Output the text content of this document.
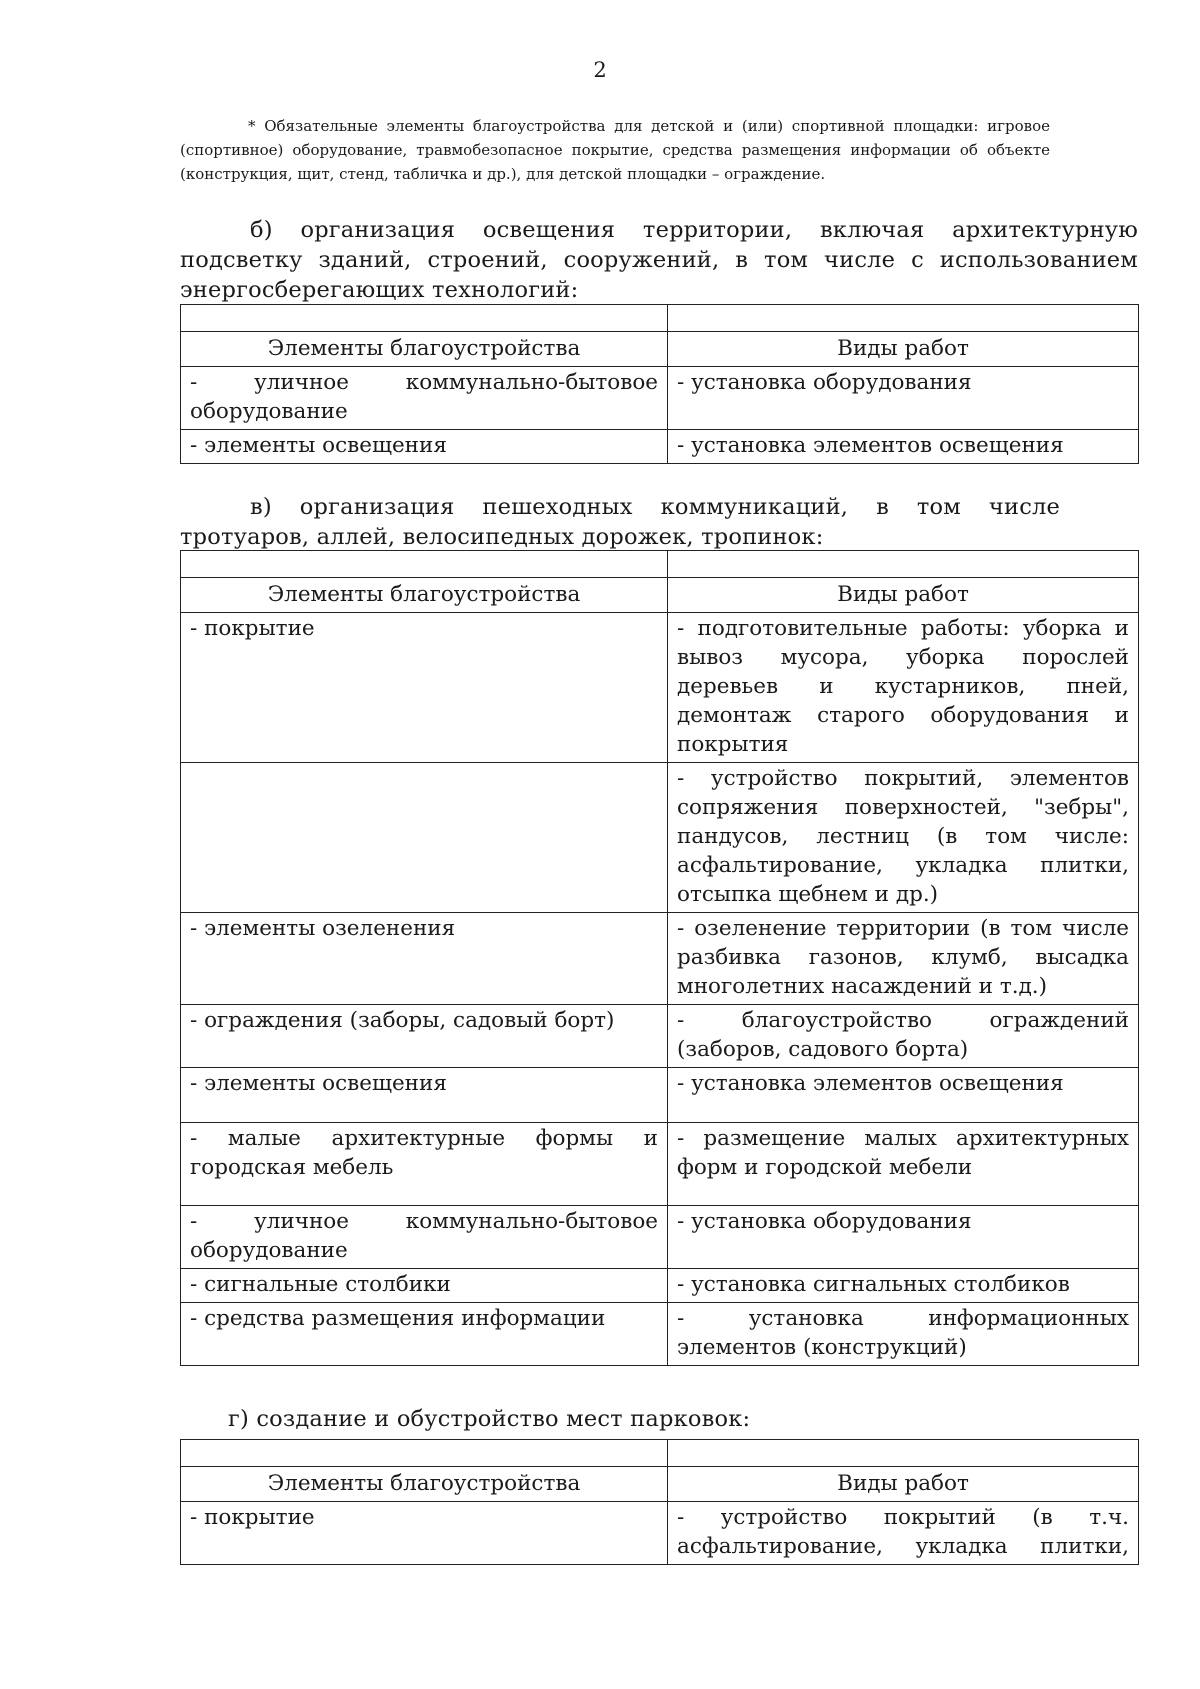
2
* Обязательные элементы благоустройства для детской и (или) спортивной площадки: игровое (спортивное) оборудование, травмобезопасное покрытие, средства размещения информации об объекте (конструкция, щит, стенд, табличка и др.), для детской площадки – ограждение.
б) организация освещения территории, включая архитектурную подсветку зданий, строений, сооружений, в том числе с использованием энергосберегающих технологий:

Элементы благоустройства	Виды работ
- уличное коммунально-бытовое оборудование	- установка оборудования
- элементы освещения	- установка элементов освещения
в) организация пешеходных коммуникаций, в том числе тротуаров, аллей, велосипедных дорожек, тропинок:

Элементы благоустройства	Виды работ
- покрытие	- подготовительные работы: уборка и вывоз мусора, уборка порослей деревьев и кустарников, пней, демонтаж старого оборудования и покрытия
	- устройство покрытий, элементов сопряжения поверхностей, "зебры", пандусов, лестниц (в том числе: асфальтирование, укладка плитки, отсыпка щебнем и др.)
- элементы озеленения	- озеленение территории (в том числе разбивка газонов, клумб, высадка многолетних насаждений и т.д.)
- ограждения (заборы, садовый борт)	- благоустройство ограждений (заборов, садового борта)
- элементы освещения	- установка элементов освещения
- малые архитектурные формы и городская мебель	- размещение малых архитектурных форм и городской мебели
- уличное коммунально-бытовое оборудование	- установка оборудования
- сигнальные столбики	- установка сигнальных столбиков
- средства размещения информации	- установка информационных элементов (конструкций)
г) создание и обустройство мест парковок:

Элементы благоустройства	Виды работ
- покрытие	- устройство покрытий (в т.ч. асфальтирование, укладка плитки,
